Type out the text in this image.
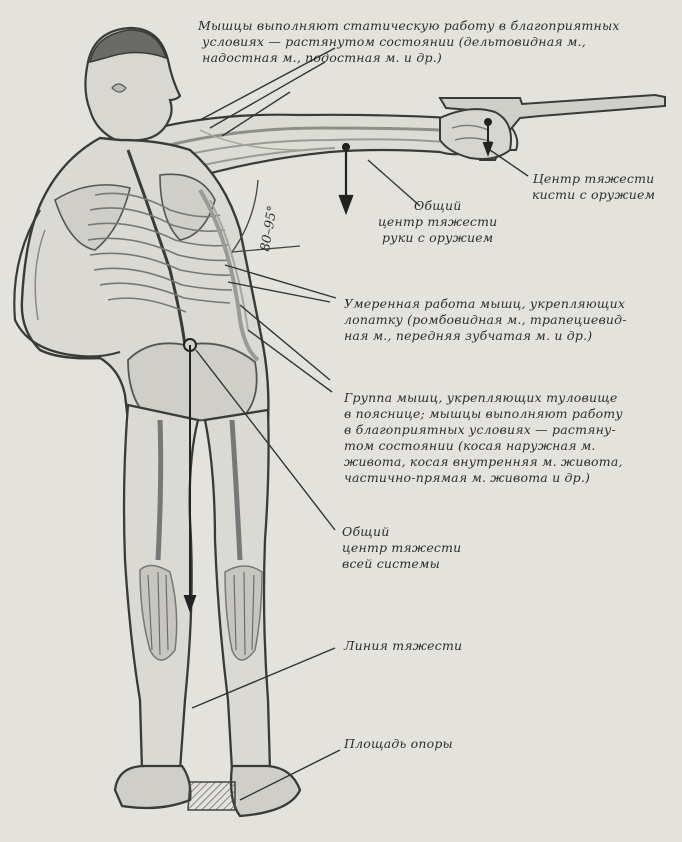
Мышцы выполняют статическую работу в благоприятных
условиях — растянутом состоянии (дельтовидная м.,
надостная м., подостная м. и др.)
Центр тяжести
кисти с оружием
Общий
центр тяжести
руки с оружием
80–95°
Умеренная работа мышц, укрепляющих
лопатку (ромбовидная м., трапециевид-
ная м., передняя зубчатая м. и др.)
Группа мышц, укрепляющих туловище
в пояснице; мышцы выполняют работу
в благоприятных условиях — растяну-
том состоянии (косая наружная м.
живота, косая внутренняя м. живота,
частично-прямая м. живота и др.)
Общий
центр тяжести
всей системы
Линия тяжести
Площадь опоры
